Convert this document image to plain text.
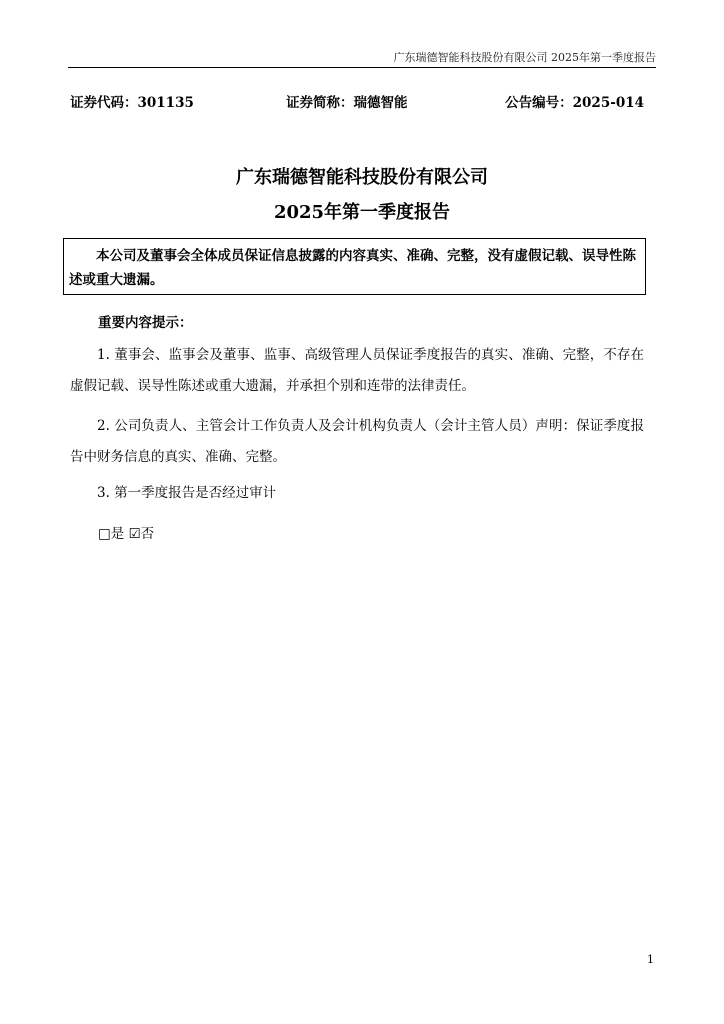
广东瑞德智能科技股份有限公司 2025年第一季度报告
证券代码：301135	证券简称：瑞德智能	公告编号：2025-014
广东瑞德智能科技股份有限公司
2025年第一季度报告
本公司及董事会全体成员保证信息披露的内容真实、准确、完整，没有虚假记载、误导性陈述或重大遗漏。
重要内容提示：
1. 董事会、监事会及董事、监事、高级管理人员保证季度报告的真实、准确、完整，不存在虚假记载、误导性陈述或重大遗漏，并承担个别和连带的法律责任。
2. 公司负责人、主管会计工作负责人及会计机构负责人（会计主管人员）声明：保证季度报告中财务信息的真实、准确、完整。
3. 第一季度报告是否经过审计
□是 ☑否
1
